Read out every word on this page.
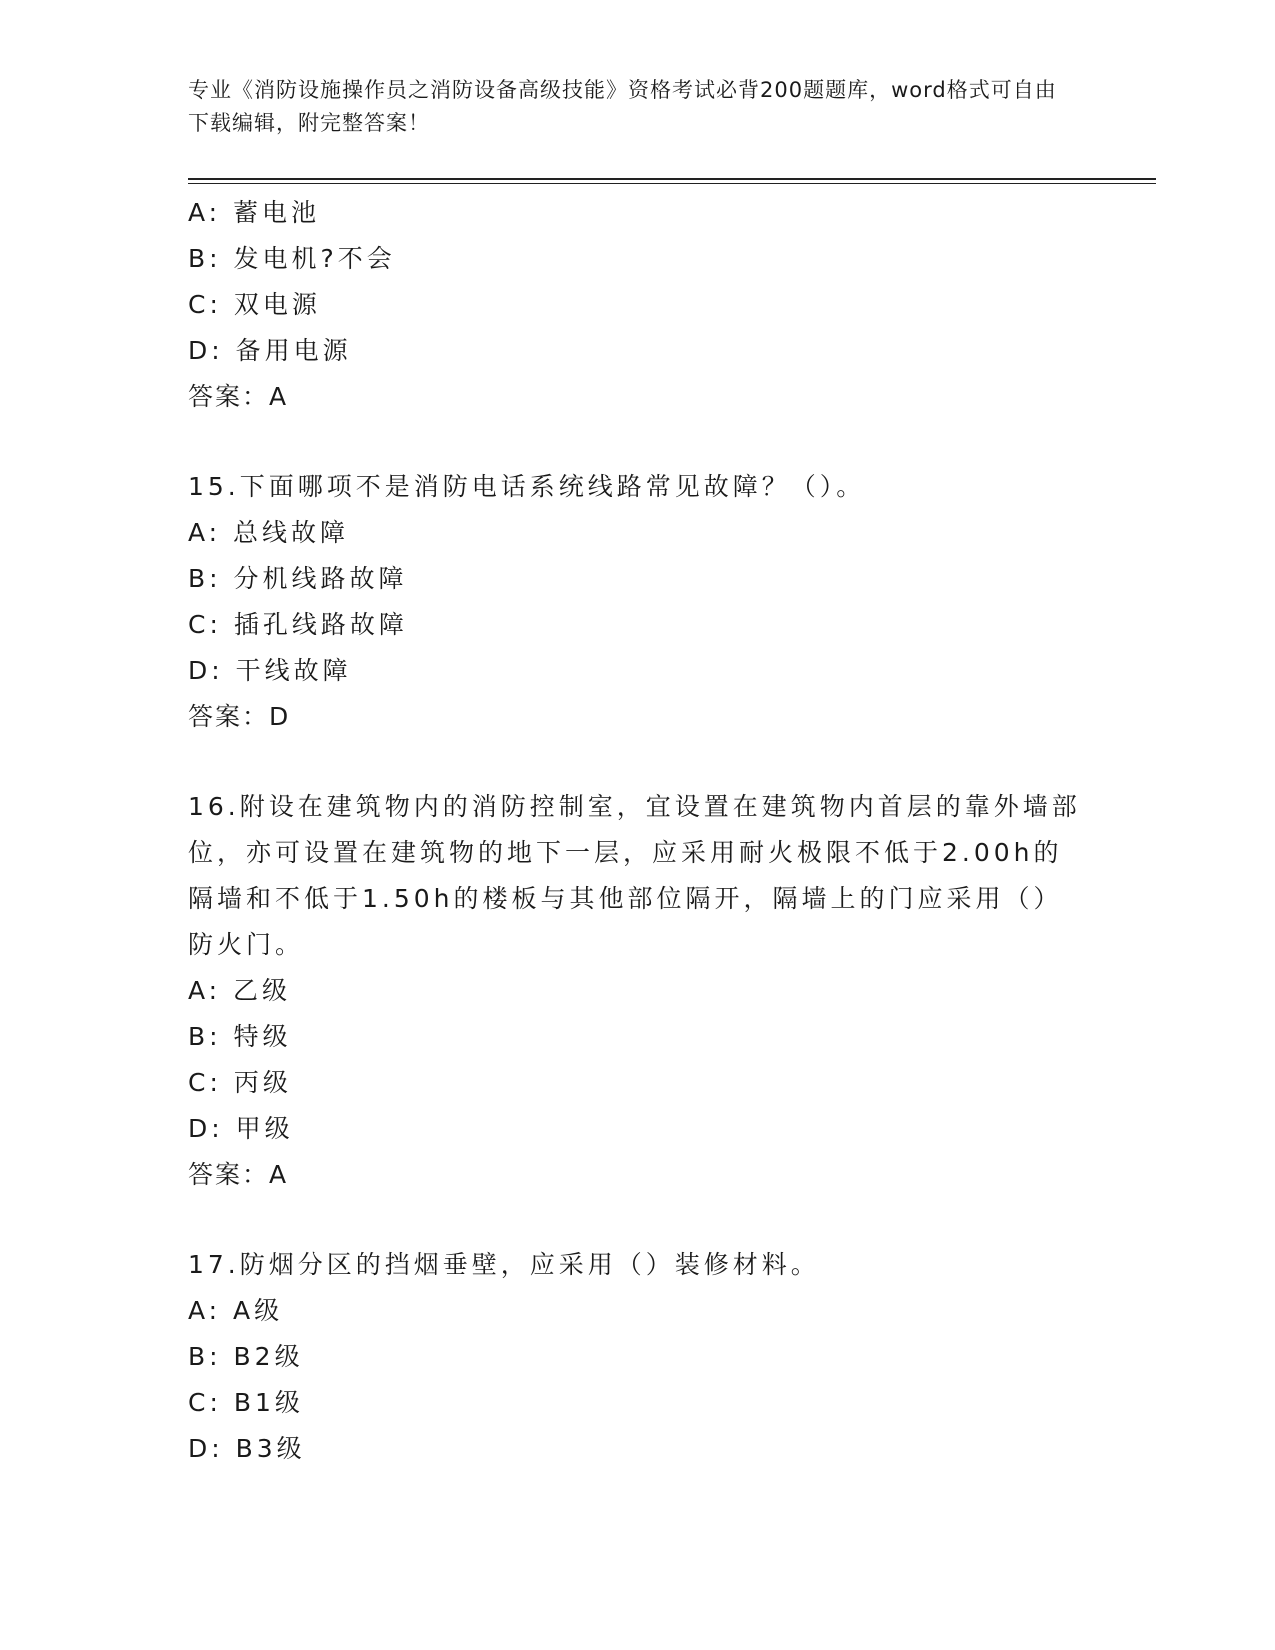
专业《消防设施操作员之消防设备高级技能》资格考试必背200题题库，word格式可自由下载编辑，附完整答案！
A: 蓄电池
B: 发电机?不会
C: 双电源
D: 备用电源
答案：A
15.下面哪项不是消防电话系统线路常见故障？（）。
A: 总线故障
B: 分机线路故障
C: 插孔线路故障
D: 干线故障
答案：D
16.附设在建筑物内的消防控制室，宜设置在建筑物内首层的靠外墙部位，亦可设置在建筑物的地下一层，应采用耐火极限不低于2.00h的隔墙和不低于1.50h的楼板与其他部位隔开，隔墙上的门应采用（）防火门。
A: 乙级
B: 特级
C: 丙级
D: 甲级
答案：A
17.防烟分区的挡烟垂壁，应采用（）装修材料。
A: A级
B: B2级
C: B1级
D: B3级
